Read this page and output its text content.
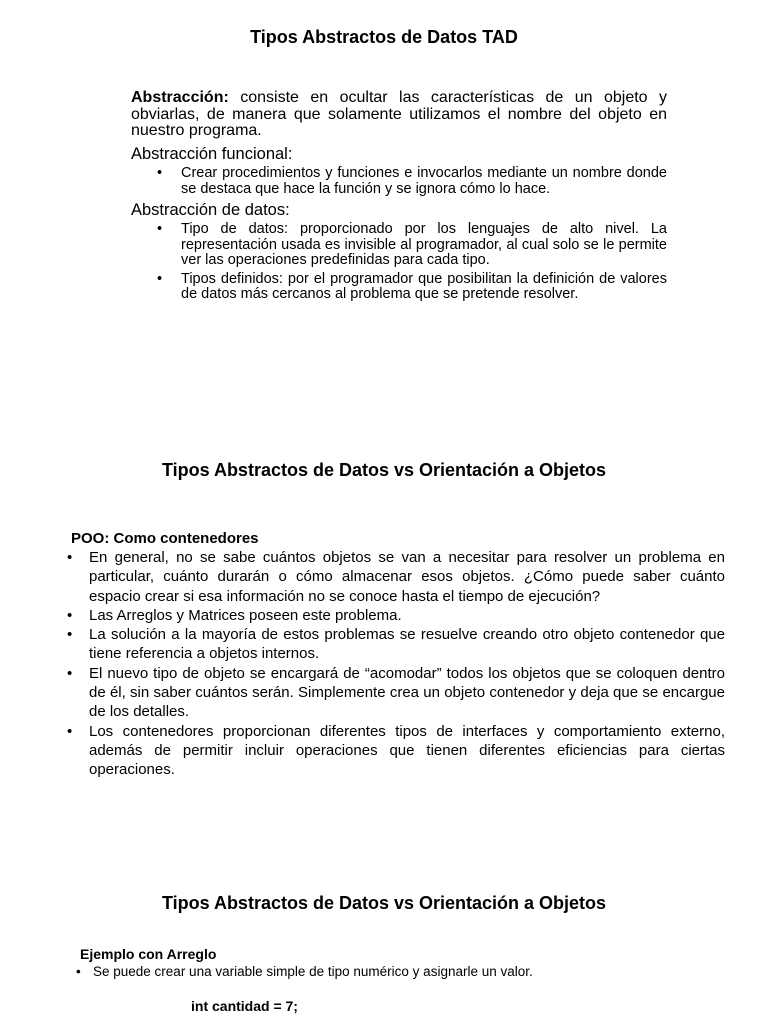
Tipos Abstractos de Datos TAD
Abstracción: consiste en ocultar las características de un objeto y obviarlas, de manera que solamente utilizamos el nombre del objeto en nuestro programa.
Abstracción funcional:
• Crear procedimientos y funciones e invocarlos mediante un nombre donde se destaca que hace la función y se ignora cómo lo hace.
Abstracción de datos:
• Tipo de datos: proporcionado por los lenguajes de alto nivel. La representación usada es invisible al programador, al cual solo se le permite ver las operaciones predefinidas para cada tipo.
• Tipos definidos: por el programador que posibilitan la definición de valores de datos más cercanos al problema que se pretende resolver.
Tipos Abstractos de Datos vs Orientación a Objetos
POO: Como contenedores
• En general, no se sabe cuántos objetos se van a necesitar para resolver un problema en particular, cuánto durarán o cómo almacenar esos objetos. ¿Cómo puede saber cuánto espacio crear si esa información no se conoce hasta el tiempo de ejecución?
• Las Arreglos y Matrices poseen este problema.
• La solución a la mayoría de estos problemas se resuelve creando otro objeto contenedor que tiene referencia a objetos internos.
• El nuevo tipo de objeto se encargará de “acomodar” todos los objetos que se coloquen dentro de él, sin saber cuántos serán. Simplemente crea un objeto contenedor y deja que se encargue de los detalles.
• Los contenedores proporcionan diferentes tipos de interfaces y comportamiento externo, además de permitir incluir operaciones que tienen diferentes eficiencias para ciertas operaciones.
Tipos Abstractos de Datos vs Orientación a Objetos
Ejemplo con Arreglo
• Se puede crear una variable simple de tipo numérico y asignarle un valor.
int cantidad = 7;
